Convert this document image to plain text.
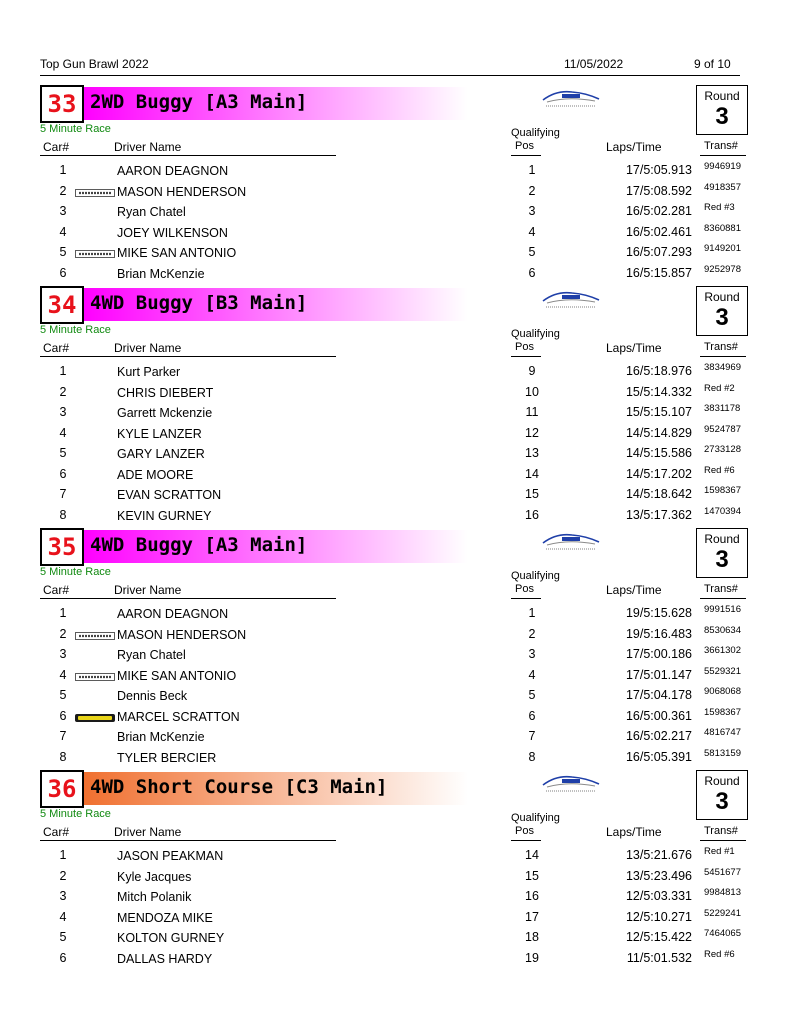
Top Gun Brawl 2022	11/05/2022	9 of 10
33 2WD Buggy [A3 Main]	Round
3
5 Minute Race	Qualifying
Car#	Driver Name	Pos	Laps/Time	Trans#
1	AARON DEAGNON	1	17/5:05.913 9946919
2	MASON HENDERSON	2	17/5:08.592 4918357
3	Ryan Chatel	3	16/5:02.281 Red #3
4	JOEY WILKENSON	4	16/5:02.461 8360881
5	MIKE SAN ANTONIO	5	16/5:07.293 9149201
6	Brian McKenzie	6	16/5:15.857 9252978
34 4WD Buggy [B3 Main]	Round
3
5 Minute Race	Qualifying
Car#	Driver Name	Pos	Laps/Time	Trans#
1	Kurt Parker	9	16/5:18.976 3834969
2	CHRIS DIEBERT	10	15/5:14.332 Red #2
3	Garrett Mckenzie	11	15/5:15.107 3831178
4	KYLE LANZER	12	14/5:14.829 9524787
5	GARY LANZER	13	14/5:15.586 2733128
6	ADE MOORE	14	14/5:17.202 Red #6
7	EVAN SCRATTON	15	14/5:18.642 1598367
8	KEVIN GURNEY	16	13/5:17.362 1470394
35 4WD Buggy [A3 Main]	Round
3
5 Minute Race	Qualifying
Car#	Driver Name	Pos	Laps/Time	Trans#
1	AARON DEAGNON	1	19/5:15.628 9991516
2	MASON HENDERSON	2	19/5:16.483 8530634
3	Ryan Chatel	3	17/5:00.186 3661302
4	MIKE SAN ANTONIO	4	17/5:01.147 5529321
5	Dennis Beck	5	17/5:04.178 9068068
6	MARCEL SCRATTON	6	16/5:00.361 1598367
7	Brian McKenzie	7	16/5:02.217 4816747
8	TYLER BERCIER	8	16/5:05.391 5813159
36 4WD Short Course [C3 Main]	Round
3
5 Minute Race	Qualifying
Car#	Driver Name	Pos	Laps/Time	Trans#
1	JASON PEAKMAN	14	13/5:21.676 Red #1
2	Kyle Jacques	15	13/5:23.496 5451677
3	Mitch Polanik	16	12/5:03.331 9984813
4	MENDOZA MIKE	17	12/5:10.271 5229241
5	KOLTON GURNEY	18	12/5:15.422 7464065
6	DALLAS HARDY	19	11/5:01.532 Red #6
